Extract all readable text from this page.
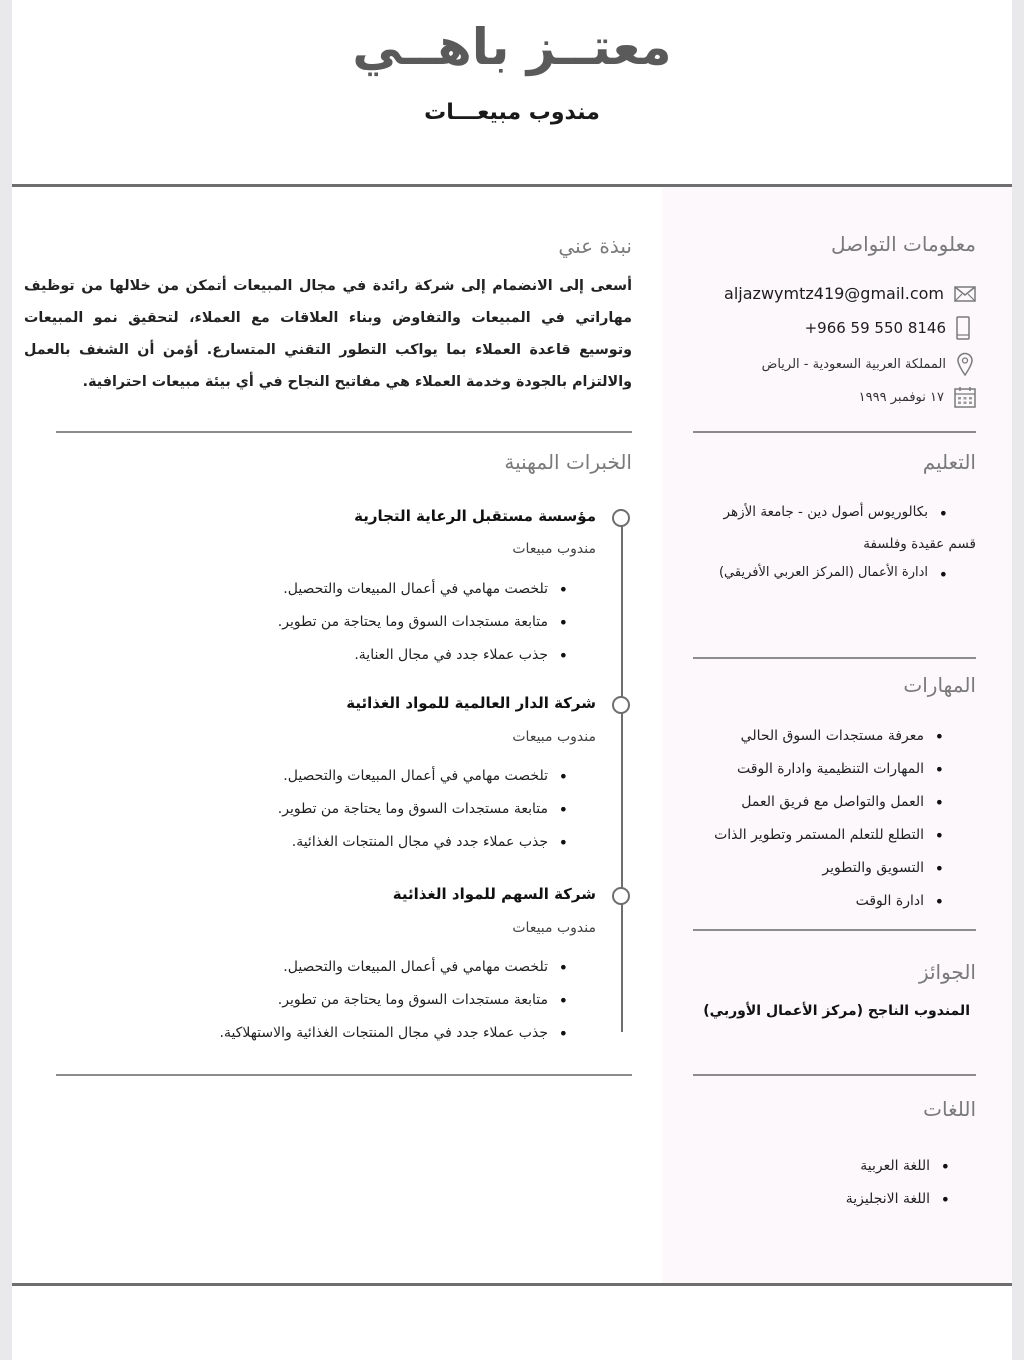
معتــز باهــي
مندوب مبيعـــات
معلومات التواصل
aljazwymtz419@gmail.com
+966 59 550 8146
المملكة العربية السعودية - الرياض
١٧ نوفمبر ١٩٩٩
التعليم
• بكالوريوس أصول دين - جامعة الأزهر
قسم عقيدة وفلسفة
• ادارة الأعمال (المركز العربي الأفريقي)
المهارات
• معرفة مستجدات السوق الحالي
• المهارات التنظيمية وادارة الوقت
• العمل والتواصل مع فريق العمل
• التطلع للتعلم المستمر وتطوير الذات
• التسويق والتطوير
• ادارة الوقت
الجوائز
المندوب الناجح (مركز الأعمال الأوربي)
اللغات
• اللغة العربية
• اللغة الانجليزية
نبذة عني
أسعى إلى الانضمام إلى شركة رائدة في مجال المبيعات أتمكن من خلالها من توظيف مهاراتي في المبيعات والتفاوض وبناء العلاقات مع العملاء، لتحقيق نمو المبيعات وتوسيع قاعدة العملاء بما يواكب التطور التقني المتسارع. أؤمن أن الشغف بالعمل والالتزام بالجودة وخدمة العملاء هي مفاتيح النجاح في أي بيئة مبيعات احترافية.
الخبرات المهنية
مؤسسة مستقبل الرعاية التجارية
مندوب مبيعات
• تلخصت مهامي في أعمال المبيعات والتحصيل.
• متابعة مستجدات السوق وما يحتاجة من تطوير.
• جذب عملاء جدد في مجال العناية.
شركة الدار العالمية للمواد الغذائية
مندوب مبيعات
• تلخصت مهامي في أعمال المبيعات والتحصيل.
• متابعة مستجدات السوق وما يحتاجة من تطوير.
• جذب عملاء جدد في مجال المنتجات الغذائية.
شركة السهم للمواد الغذائية
مندوب مبيعات
• تلخصت مهامي في أعمال المبيعات والتحصيل.
• متابعة مستجدات السوق وما يحتاجة من تطوير.
• جذب عملاء جدد في مجال المنتجات الغذائية والاستهلاكية.
